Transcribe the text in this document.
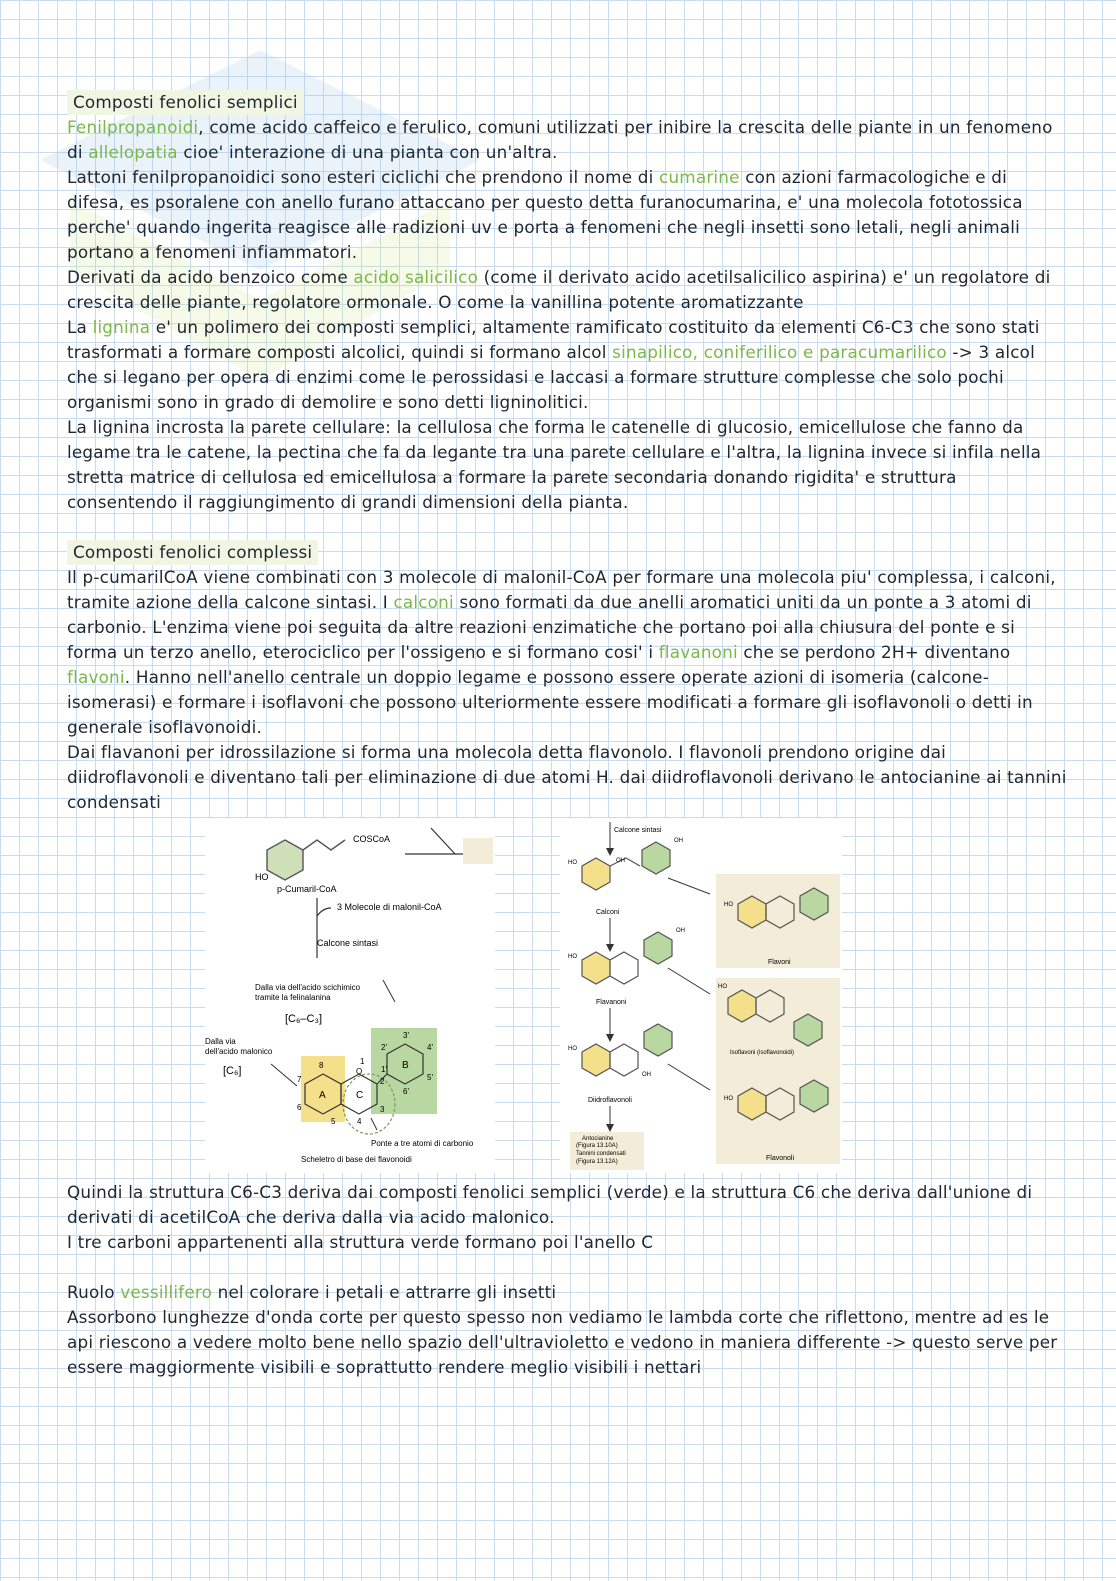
Composti fenolici semplici

Fenilpropanoidi, come acido caffeico e ferulico, comuni utilizzati per inibire la crescita delle piante in un fenomeno di allelopatia cioe' interazione di una pianta con un'altra.

Lattoni fenilpropanoidici sono esteri ciclichi che prendono il nome di cumarine con azioni farmacologiche e di difesa, es psoralene con anello furano attaccano per questo detta furanocumarina, e' una molecola fototossica perche' quando ingerita reagisce alle radizioni uv e porta a fenomeni che negli insetti sono letali, negli animali portano a fenomeni infiammatori.

Derivati da acido benzoico come acido salicilico (come il derivato acido acetilsalicilico aspirina) e' un regolatore di crescita delle piante, regolatore ormonale. O come la vanillina potente aromatizzante

La lignina e' un polimero dei composti semplici, altamente ramificato costituito da elementi C6-C3 che sono stati trasformati a formare composti alcolici, quindi si formano alcol sinapilico, coniferilico e paracumarilico -> 3 alcol che si legano per opera di enzimi come le perossidasi e laccasi a formare strutture complesse che solo pochi organismi sono in grado di demolire e sono detti ligninolitici.

La lignina incrosta la parete cellulare: la cellulosa che forma le catenelle di glucosio, emicellulose che fanno da legame tra le catene, la pectina che fa da legante tra una parete cellulare e l'altra, la lignina invece si infila nella stretta matrice di cellulosa ed emicellulosa a formare la parete secondaria donando rigidita' e struttura consentendo il raggiungimento di grandi dimensioni della pianta.

Composti fenolici complessi

Il p-cumarilCoA viene combinati con 3 molecole di malonil-CoA per formare una molecola piu' complessa, i calconi, tramite azione della calcone sintasi. I calconi sono formati da due anelli aromatici uniti da un ponte a 3 atomi di carbonio. L'enzima viene poi seguita da altre reazioni enzimatiche che portano poi alla chiusura del ponte e si forma un terzo anello, eterociclico per l'ossigeno e si formano cosi' i flavanoni che se perdono 2H+ diventano flavoni. Hanno nell'anello centrale un doppio legame e possono essere operate azioni di isomeria (calcone-isomerasi) e formare i isoflavoni che possono ulteriormente essere modificati a formare gli isoflavonoli o detti in generale isoflavonoidi.

Dai flavanoni per idrossilazione si forma una molecola detta flavonolo. I flavonoli prendono origine dai diidroflavonoli e diventano tali per eliminazione di due atomi H. dai diidroflavonoli derivano le antocianine ai tannini condensati

COSCoA
HO
p-Cumaril-CoA
3 Molecole di malonil-CoA
Calcone sintasi
Dalla via dell'acido scichimico
tramite la felinalanina
[C₆–C₃]
Dalla via
dell'acido malonico
[C₆]
A	C
B
O
1
2
3
4
5
6
7
8	1'
2'
3'
4'
5'
6'
Ponte a tre atomi di carbonio
Scheletro di base dei flavonoidi
Calcone sintasi
HO	OH
OH
Calconi
HO
OH
Flavanoni
HO
OH
Diidroflavonoli
Antocianine
(Figura 13.10A)
Tannini condensati
(Figura 13.12A)
HO
Flavoni
HO
Isoflavoni (isoflavonoidi)
HO
Flavonoli

Quindi la struttura C6-C3 deriva dai composti fenolici semplici (verde) e la struttura C6 che deriva dall'unione di derivati di acetilCoA che deriva dalla via acido malonico.

I tre carboni appartenenti alla struttura verde formano poi l'anello C

Ruolo vessillifero nel colorare i petali e attrarre gli insetti

Assorbono lunghezze d'onda corte per questo spesso non vediamo le lambda corte che riflettono, mentre ad es le api riescono a vedere molto bene nello spazio dell'ultravioletto e vedono in maniera differente -> questo serve per essere maggiormente visibili e soprattutto rendere meglio visibili i nettari
